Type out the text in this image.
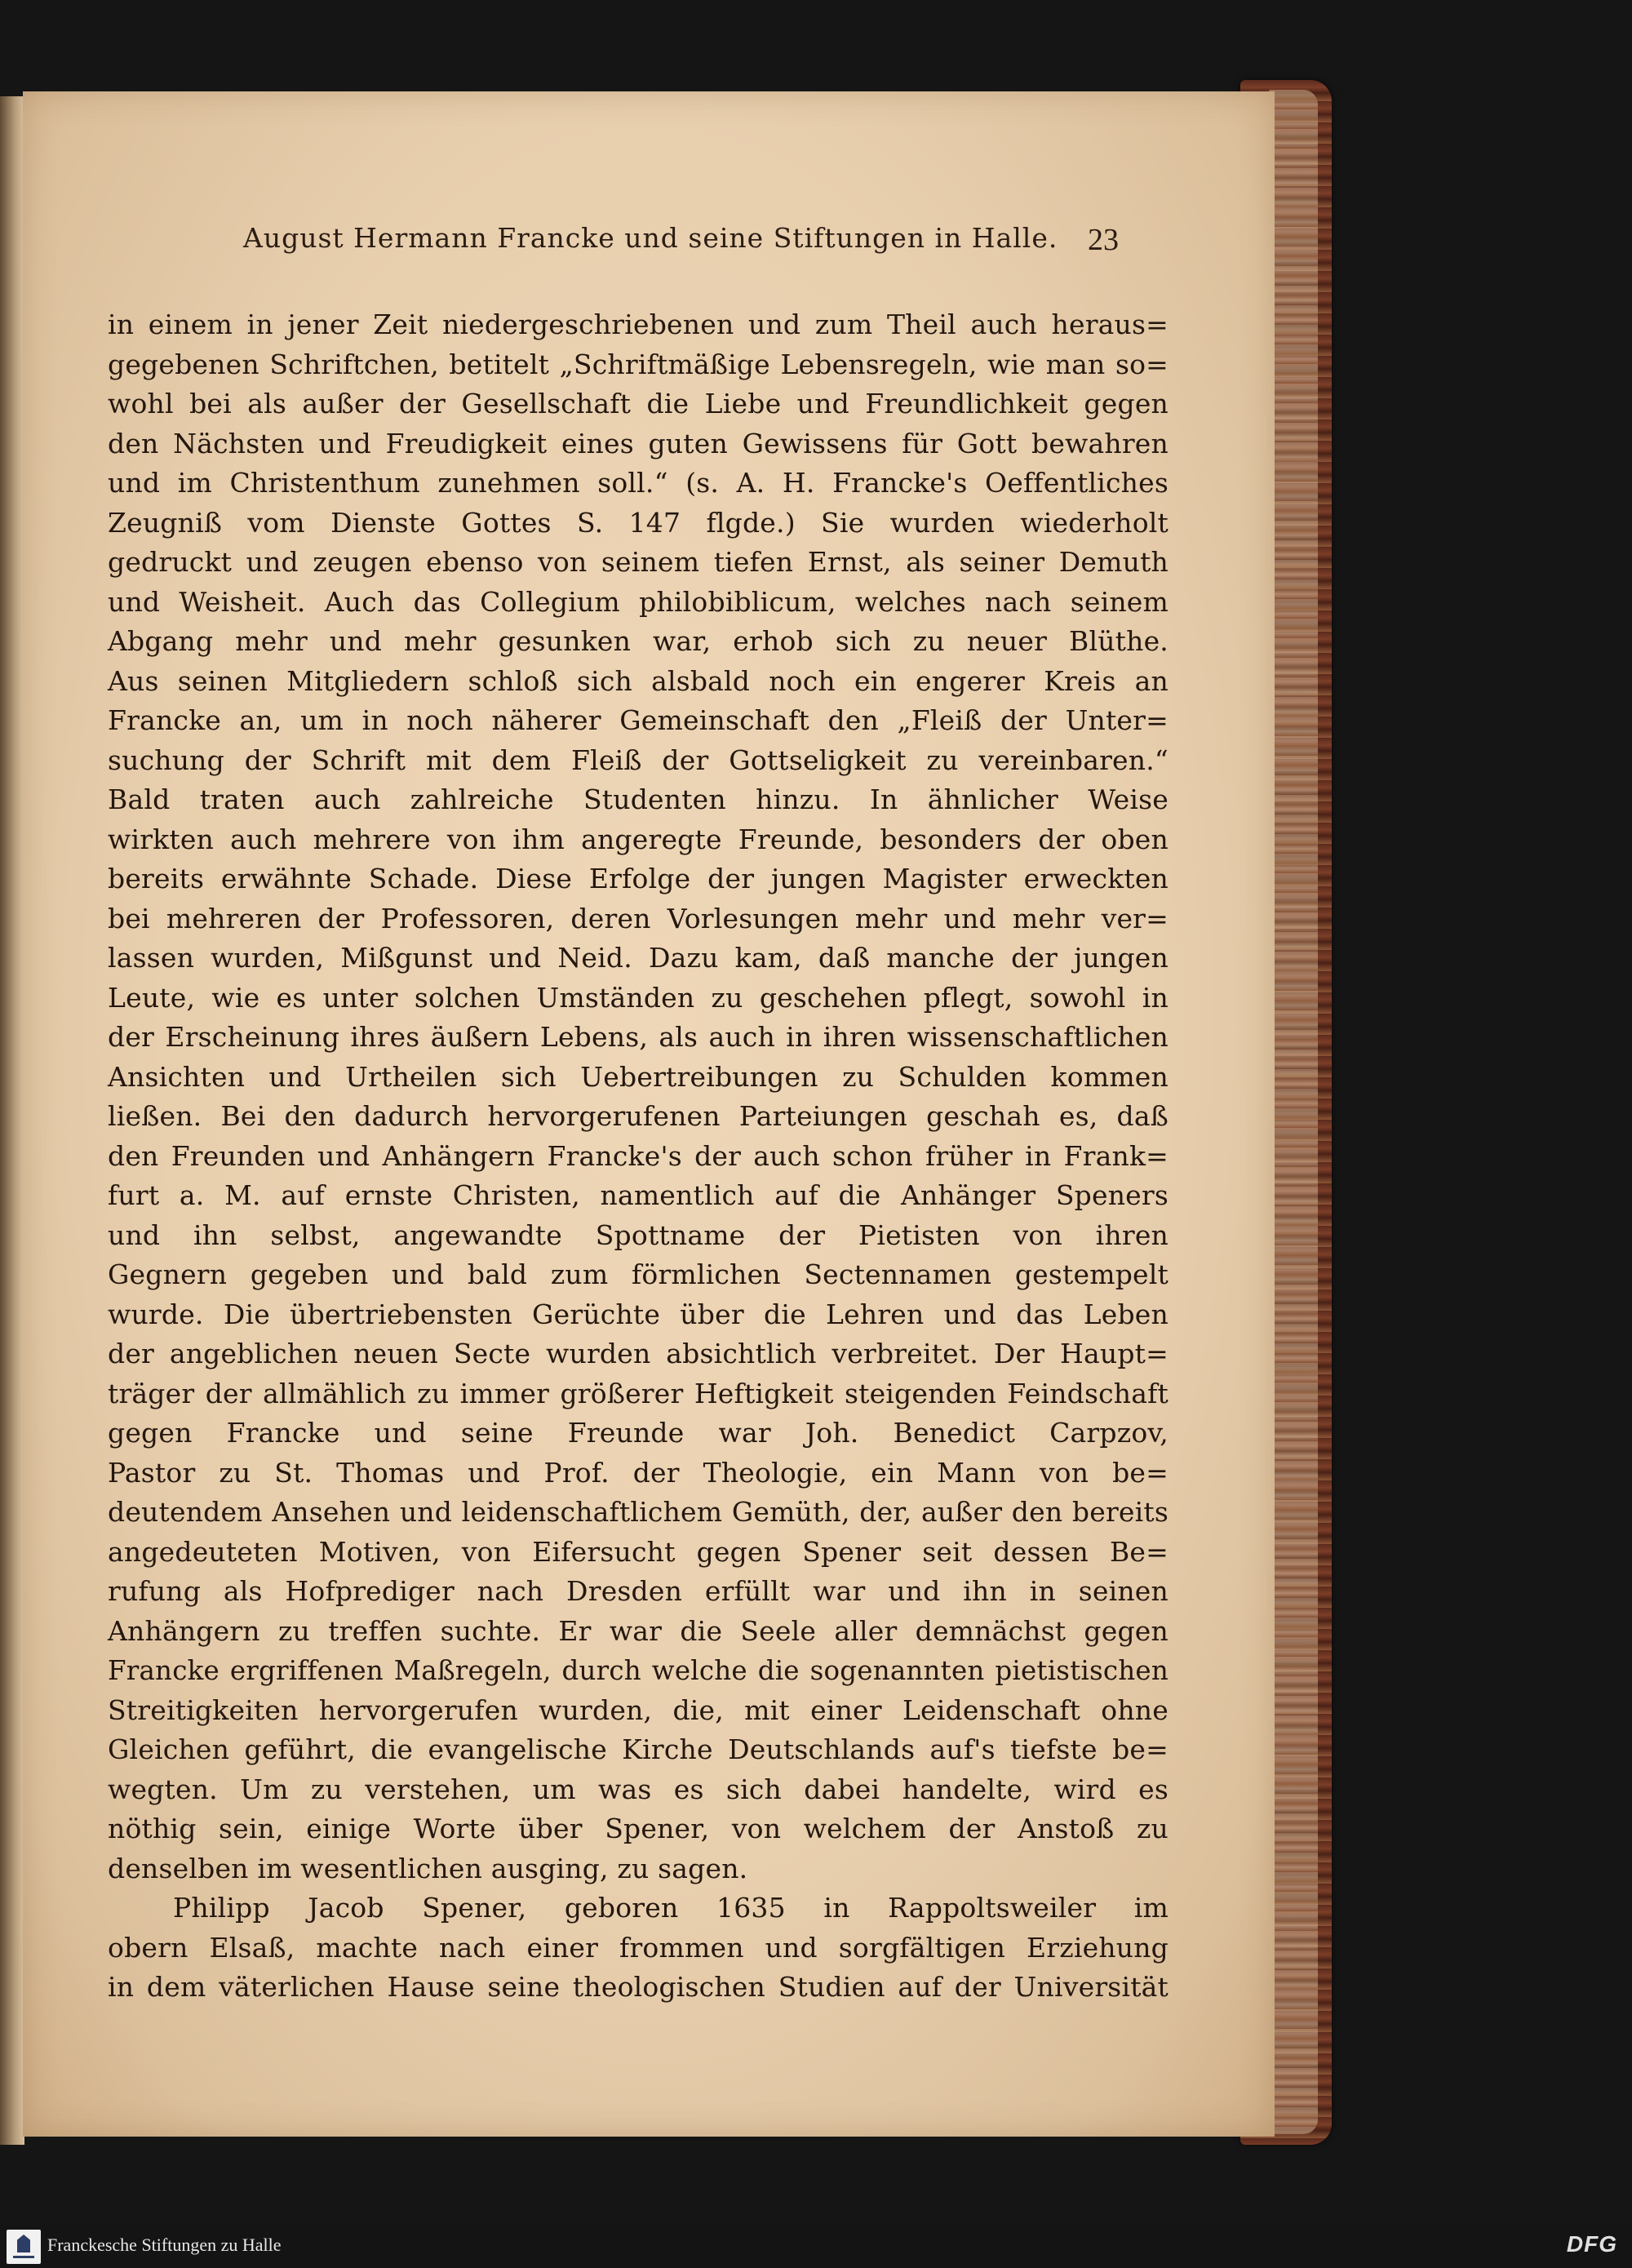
August Hermann Francke und seine Stiftungen in Halle. 23
in einem in jener Zeit niedergeschriebenen und zum Theil auch heraus=
gegebenen Schriftchen, betitelt „Schriftmäßige Lebensregeln, wie man so=
wohl bei als außer der Gesellschaft die Liebe und Freundlichkeit gegen
den Nächsten und Freudigkeit eines guten Gewissens für Gott bewahren
und im Christenthum zunehmen soll.“ (s. A. H. Francke's Oeffentliches
Zeugniß vom Dienste Gottes S. 147 flgde.) Sie wurden wiederholt
gedruckt und zeugen ebenso von seinem tiefen Ernst, als seiner Demuth
und Weisheit. Auch das Collegium philobiblicum, welches nach seinem
Abgang mehr und mehr gesunken war, erhob sich zu neuer Blüthe.
Aus seinen Mitgliedern schloß sich alsbald noch ein engerer Kreis an
Francke an, um in noch näherer Gemeinschaft den „Fleiß der Unter=
suchung der Schrift mit dem Fleiß der Gottseligkeit zu vereinbaren.“
Bald traten auch zahlreiche Studenten hinzu. In ähnlicher Weise
wirkten auch mehrere von ihm angeregte Freunde, besonders der oben
bereits erwähnte Schade. Diese Erfolge der jungen Magister erweckten
bei mehreren der Professoren, deren Vorlesungen mehr und mehr ver=
lassen wurden, Mißgunst und Neid. Dazu kam, daß manche der jungen
Leute, wie es unter solchen Umständen zu geschehen pflegt, sowohl in
der Erscheinung ihres äußern Lebens, als auch in ihren wissenschaftlichen
Ansichten und Urtheilen sich Uebertreibungen zu Schulden kommen
ließen. Bei den dadurch hervorgerufenen Parteiungen geschah es, daß
den Freunden und Anhängern Francke's der auch schon früher in Frank=
furt a. M. auf ernste Christen, namentlich auf die Anhänger Speners
und ihn selbst, angewandte Spottname der Pietisten von ihren
Gegnern gegeben und bald zum förmlichen Sectennamen gestempelt
wurde. Die übertriebensten Gerüchte über die Lehren und das Leben
der angeblichen neuen Secte wurden absichtlich verbreitet. Der Haupt=
träger der allmählich zu immer größerer Heftigkeit steigenden Feindschaft
gegen Francke und seine Freunde war Joh. Benedict Carpzov,
Pastor zu St. Thomas und Prof. der Theologie, ein Mann von be=
deutendem Ansehen und leidenschaftlichem Gemüth, der, außer den bereits
angedeuteten Motiven, von Eifersucht gegen Spener seit dessen Be=
rufung als Hofprediger nach Dresden erfüllt war und ihn in seinen
Anhängern zu treffen suchte. Er war die Seele aller demnächst gegen
Francke ergriffenen Maßregeln, durch welche die sogenannten pietistischen
Streitigkeiten hervorgerufen wurden, die, mit einer Leidenschaft ohne
Gleichen geführt, die evangelische Kirche Deutschlands auf's tiefste be=
wegten. Um zu verstehen, um was es sich dabei handelte, wird es
nöthig sein, einige Worte über Spener, von welchem der Anstoß zu
denselben im wesentlichen ausging, zu sagen.
Philipp Jacob Spener, geboren 1635 in Rappoltsweiler im
obern Elsaß, machte nach einer frommen und sorgfältigen Erziehung
in dem väterlichen Hause seine theologischen Studien auf der Universität
Franckesche Stiftungen zu Halle	DFG
